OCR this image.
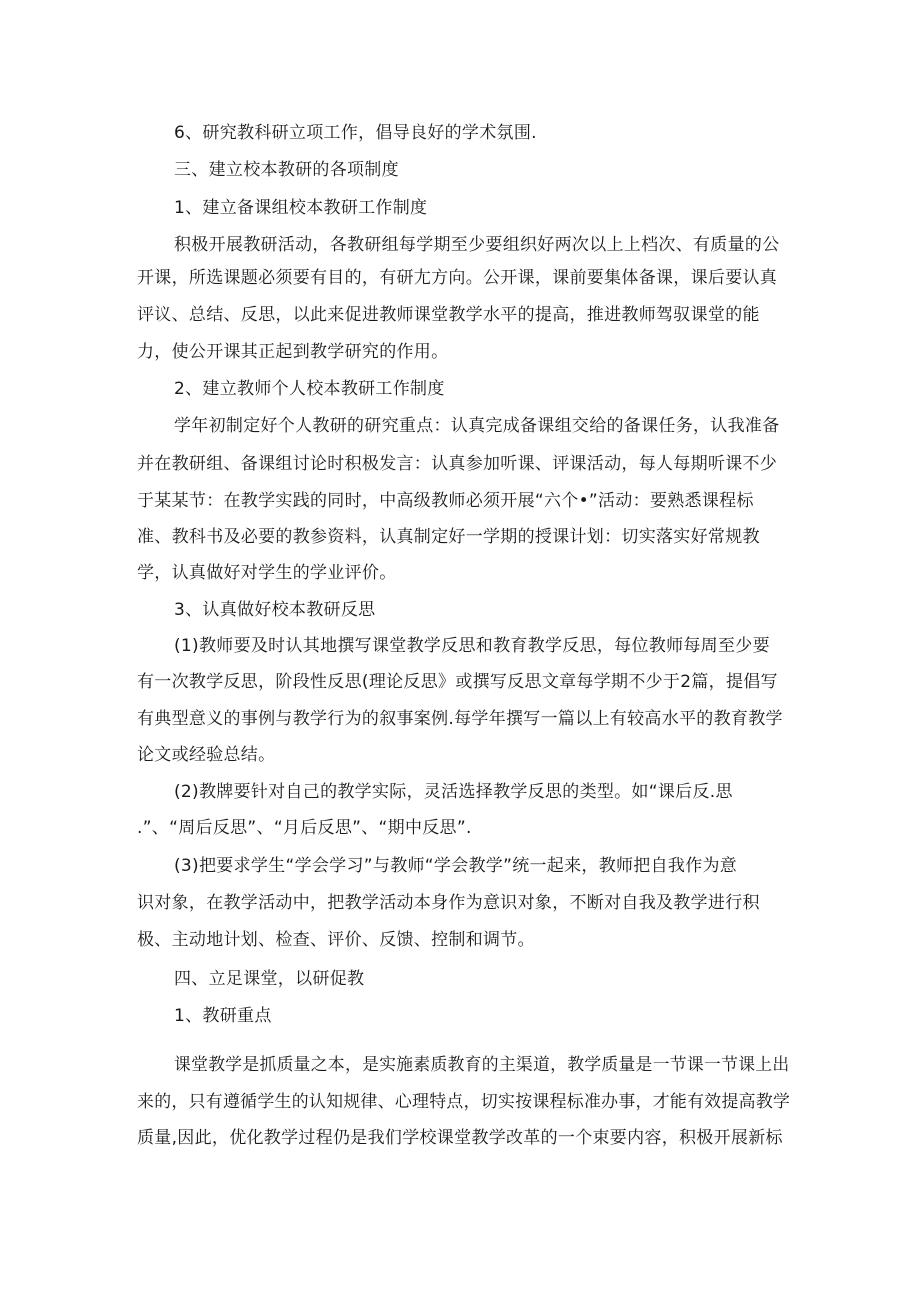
6、研究教科研立项工作，倡导良好的学术氛围.
三、建立校本教研的各项制度
1、建立备课组校本教研工作制度
积极开展教研活动，各教研组每学期至少要组织好两次以上上档次、有质量的公
开课，所选课题必须要有目的，有研尢方向。公开课，课前要集体备课，课后要认真
评议、总结、反思，以此来促进教师课堂教学水平的提高，推进教师驾驭课堂的能
力，使公开课其正起到教学研究的作用。
2、建立教师个人校本教研工作制度
学年初制定好个人教研的研究重点：认真完成备课组交给的备课任务，认我准备
并在教研组、备课组讨论时积极发言：认真参加听课、评课活动，每人每期听课不少
于某某节：在教学实践的同时，中高级教师必须开展“六个•”活动：要熟悉课程标
准、教科书及必要的教参资料，认真制定好一学期的授课计划：切实落实好常规教
学，认真做好对学生的学业评价。
3、认真做好校本教研反思
(1)教师要及时认其地撰写课堂教学反思和教育教学反思，每位教师每周至少要
有一次教学反思，阶段性反思(理论反思》或撰写反思文章每学期不少于2篇，提倡写
有典型意义的事例与教学行为的叙事案例.每学年撰写一篇以上有较高水平的教育教学
论文或经验总结。
(2)教牌要针对自己的教学实际，灵活选择教学反思的类型。如“课后反.思
.”、“周后反思”、“月后反思”、“期中反思”.
(3)把要求学生“学会学习”与教师“学会教学”统一起来，教师把自我作为意
识对象，在教学活动中，把教学活动本身作为意识对象，不断对自我及教学进行积
极、主动地计划、检查、评价、反馈、控制和调节。
四、立足课堂，以研促教
1、教研重点
课堂教学是抓质量之本，是实施素质教育的主渠道，教学质量是一节课一节课上出
来的，只有遵循学生的认知规律、心理特点，切实按课程标准办事，才能有效提高教学
质量,因此，优化教学过程仍是我们学校课堂教学改革的一个束要内容，积极开展新标
